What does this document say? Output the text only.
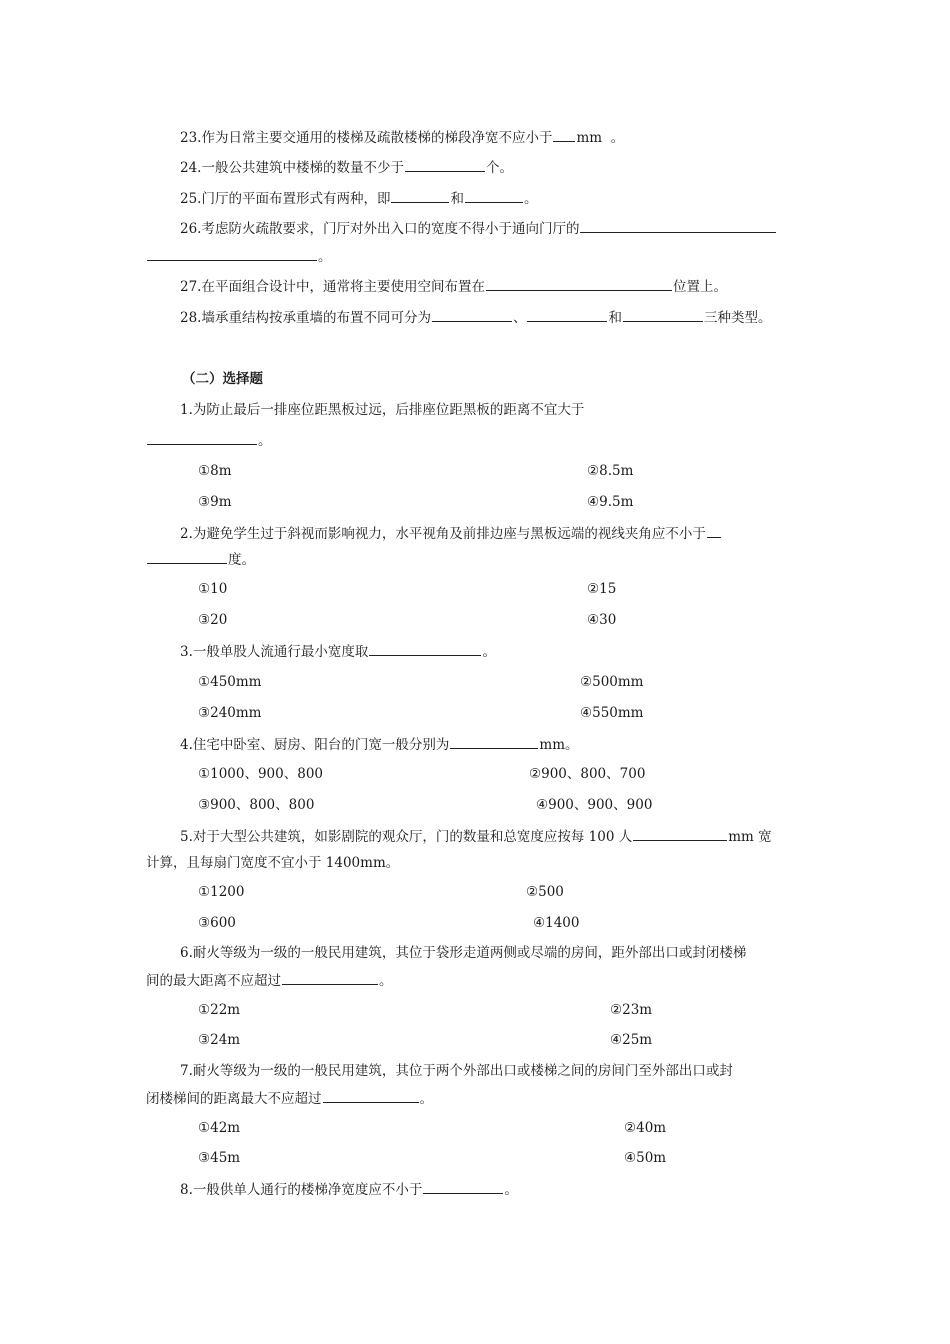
23.作为日常主要交通用的楼梯及疏散楼梯的梯段净宽不应小于 mm 。
24.一般公共建筑中楼梯的数量不少于	个。
25.门厅的平面布置形式有两种，即	和	。
26.考虑防火疏散要求，门厅对外出入口的宽度不得小于通向门厅的
。
27.在平面组合设计中，通常将主要使用空间布置在	位置上。
28.墙承重结构按承重墙的布置不同可分为	、	和	三种类型。
（二）选择题
1.为防止最后一排座位距黑板过远，后排座位距黑板的距离不宜大于
。
①8m	②8.5m
③9m	④9.5m
2.为避免学生过于斜视而影响视力，水平视角及前排边座与黑板远端的视线夹角应不小于
度。
①10	②15
③20	④30
3.一般单股人流通行最小宽度取	。
①450mm	②500mm
③240mm	④550mm
4.住宅中卧室、厨房、阳台的门宽一般分别为	mm。
①1000、900、800	②900、800、700
③900、800、800	④900、900、900
5.对于大型公共建筑，如影剧院的观众厅，门的数量和总宽度应按每 100 人	mm 宽
计算，且每扇门宽度不宜小于 1400mm。
①1200	②500
③600	④1400
6.耐火等级为一级的一般民用建筑，其位于袋形走道两侧或尽端的房间，距外部出口或封闭楼梯
间的最大距离不应超过	。
①22m	②23m
③24m	④25m
7.耐火等级为一级的一般民用建筑，其位于两个外部出口或楼梯之间的房间门至外部出口或封
闭楼梯间的距离最大不应超过	。
①42m	②40m
③45m	④50m
8.一般供单人通行的楼梯净宽度应不小于	。
